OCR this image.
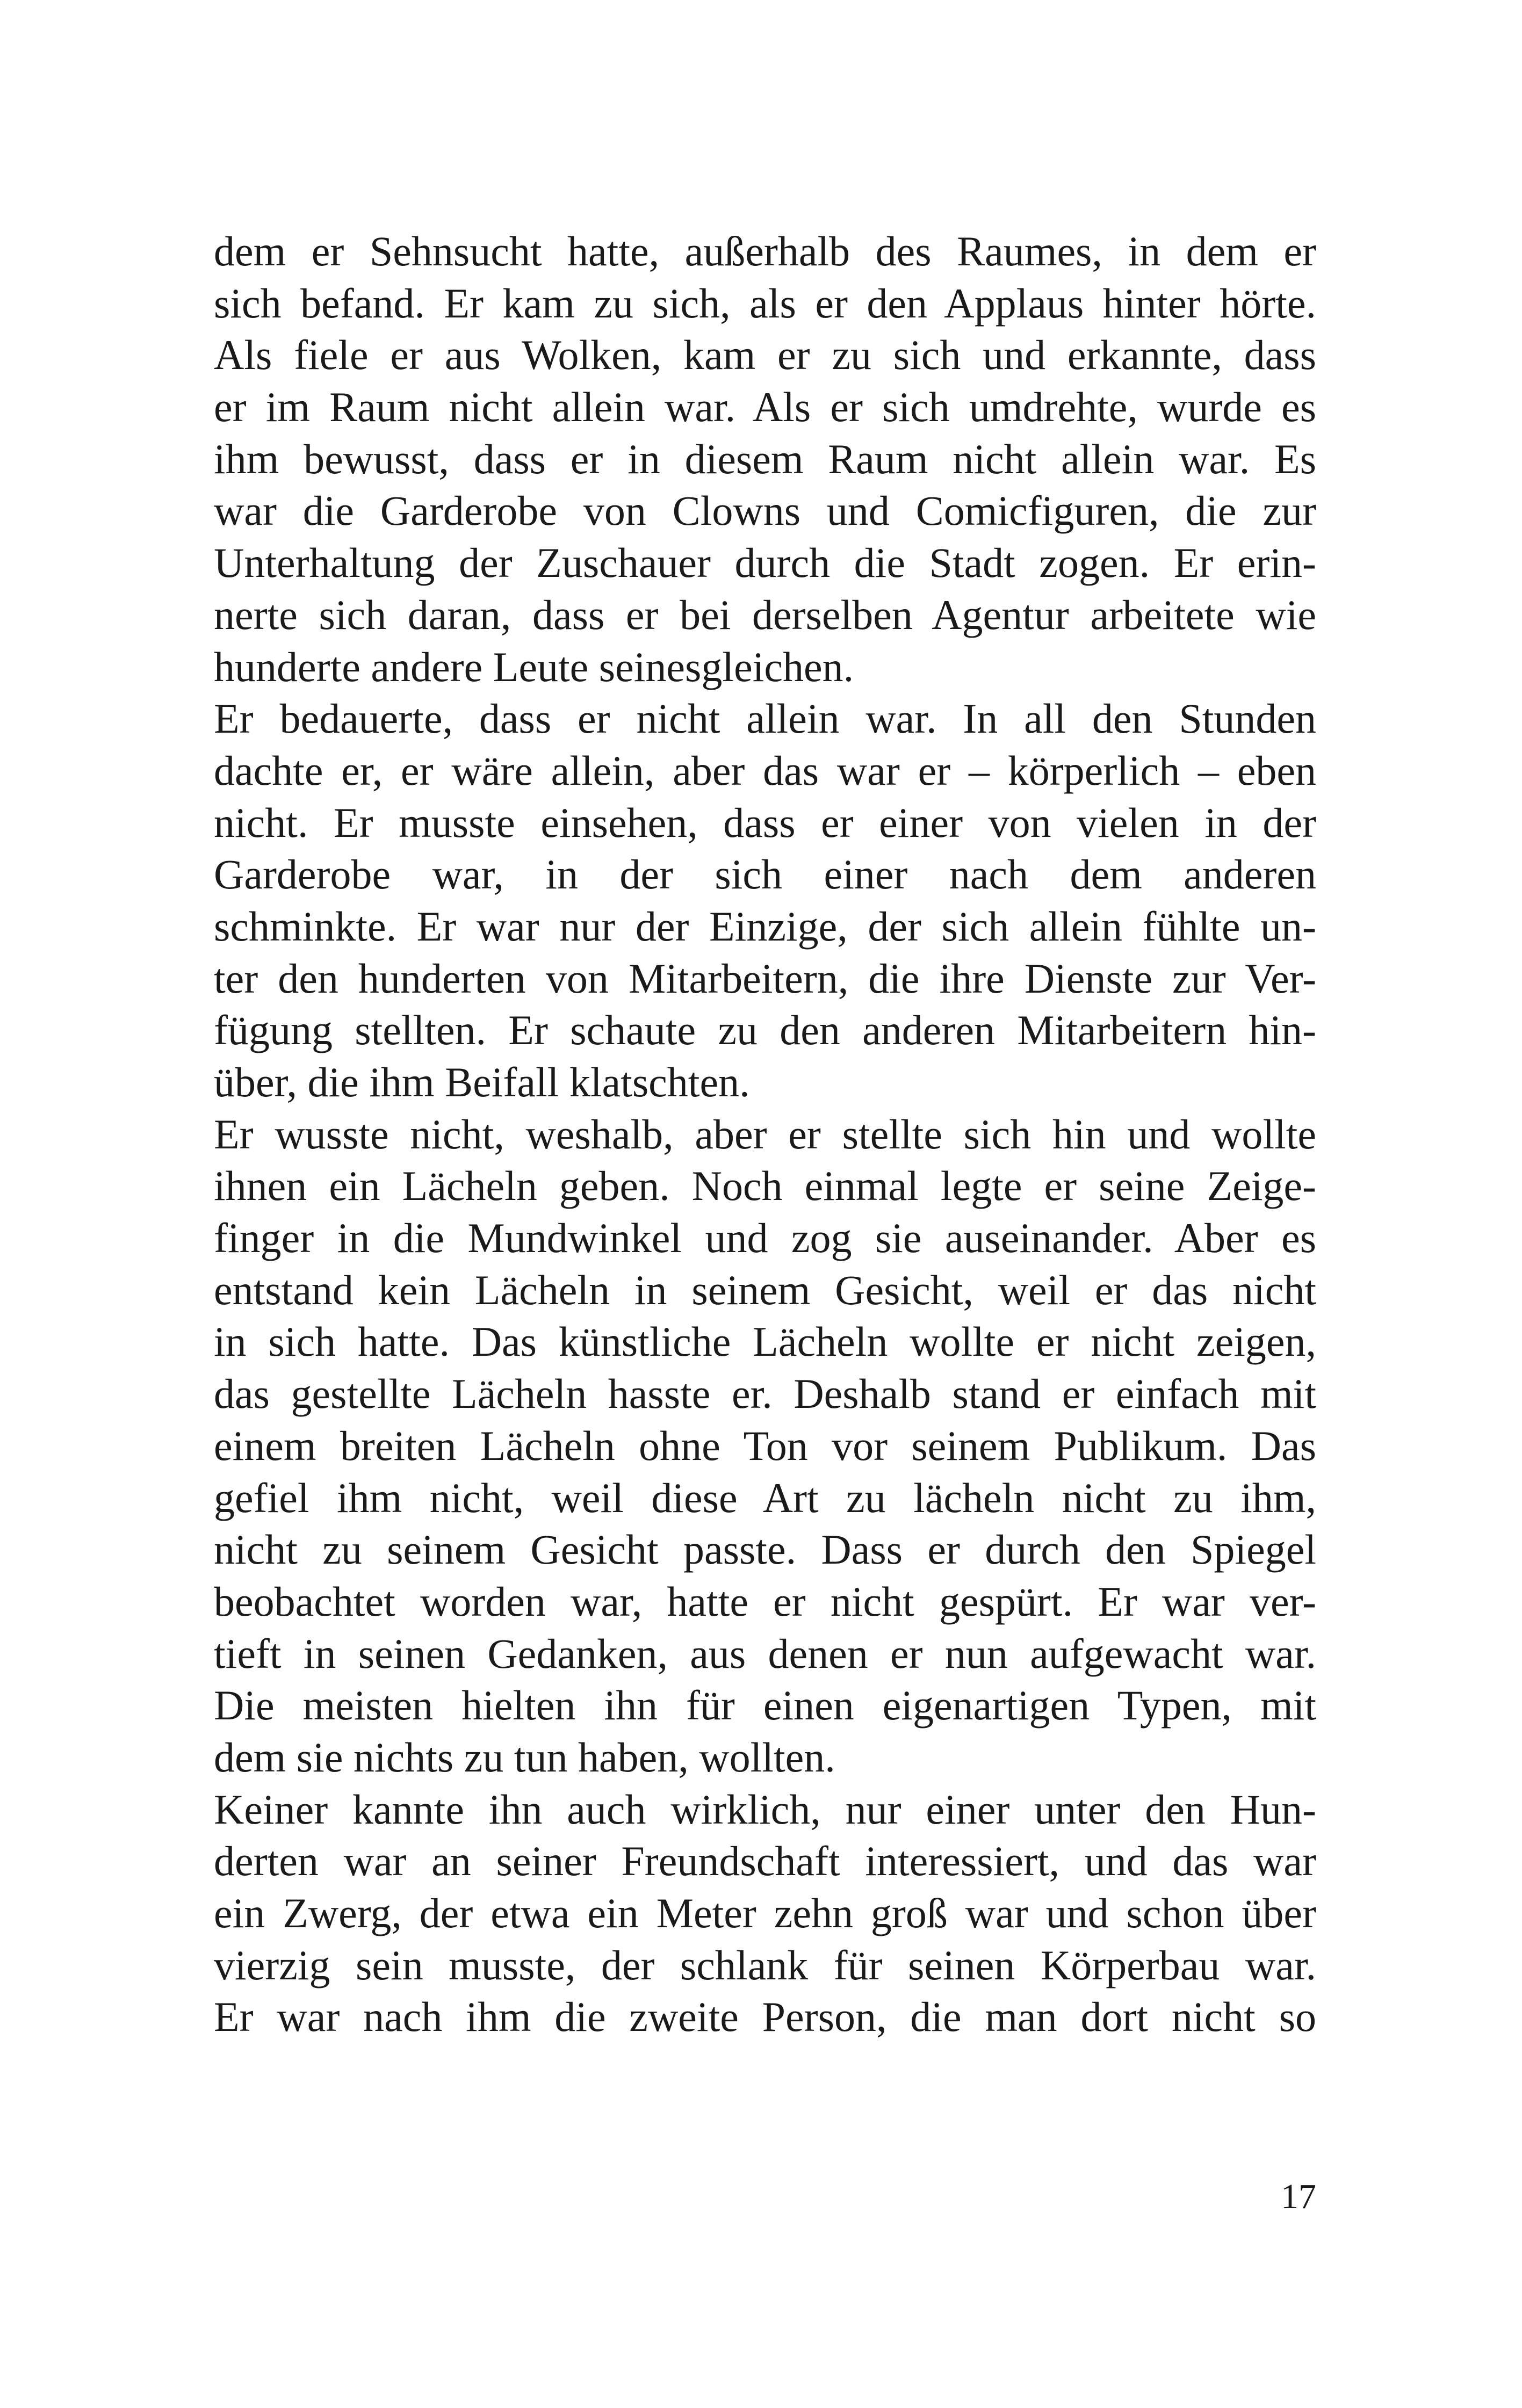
dem er Sehnsucht hatte, außerhalb des Raumes, in dem er
sich befand. Er kam zu sich, als er den Applaus hinter hörte.
Als fiele er aus Wolken, kam er zu sich und erkannte, dass
er im Raum nicht allein war. Als er sich umdrehte, wurde es
ihm bewusst, dass er in diesem Raum nicht allein war. Es
war die Garderobe von Clowns und Comicfiguren, die zur
Unterhaltung der Zuschauer durch die Stadt zogen. Er erin-
nerte sich daran, dass er bei derselben Agentur arbeitete wie
hunderte andere Leute seinesgleichen.
Er bedauerte, dass er nicht allein war. In all den Stunden
dachte er, er wäre allein, aber das war er – körperlich – eben
nicht. Er musste einsehen, dass er einer von vielen in der
Garderobe war, in der sich einer nach dem anderen
schminkte. Er war nur der Einzige, der sich allein fühlte un-
ter den hunderten von Mitarbeitern, die ihre Dienste zur Ver-
fügung stellten. Er schaute zu den anderen Mitarbeitern hin-
über, die ihm Beifall klatschten.
Er wusste nicht, weshalb, aber er stellte sich hin und wollte
ihnen ein Lächeln geben. Noch einmal legte er seine Zeige-
finger in die Mundwinkel und zog sie auseinander. Aber es
entstand kein Lächeln in seinem Gesicht, weil er das nicht
in sich hatte. Das künstliche Lächeln wollte er nicht zeigen,
das gestellte Lächeln hasste er. Deshalb stand er einfach mit
einem breiten Lächeln ohne Ton vor seinem Publikum. Das
gefiel ihm nicht, weil diese Art zu lächeln nicht zu ihm,
nicht zu seinem Gesicht passte. Dass er durch den Spiegel
beobachtet worden war, hatte er nicht gespürt. Er war ver-
tieft in seinen Gedanken, aus denen er nun aufgewacht war.
Die meisten hielten ihn für einen eigenartigen Typen, mit
dem sie nichts zu tun haben, wollten.
Keiner kannte ihn auch wirklich, nur einer unter den Hun-
derten war an seiner Freundschaft interessiert, und das war
ein Zwerg, der etwa ein Meter zehn groß war und schon über
vierzig sein musste, der schlank für seinen Körperbau war.
Er war nach ihm die zweite Person, die man dort nicht so
17
